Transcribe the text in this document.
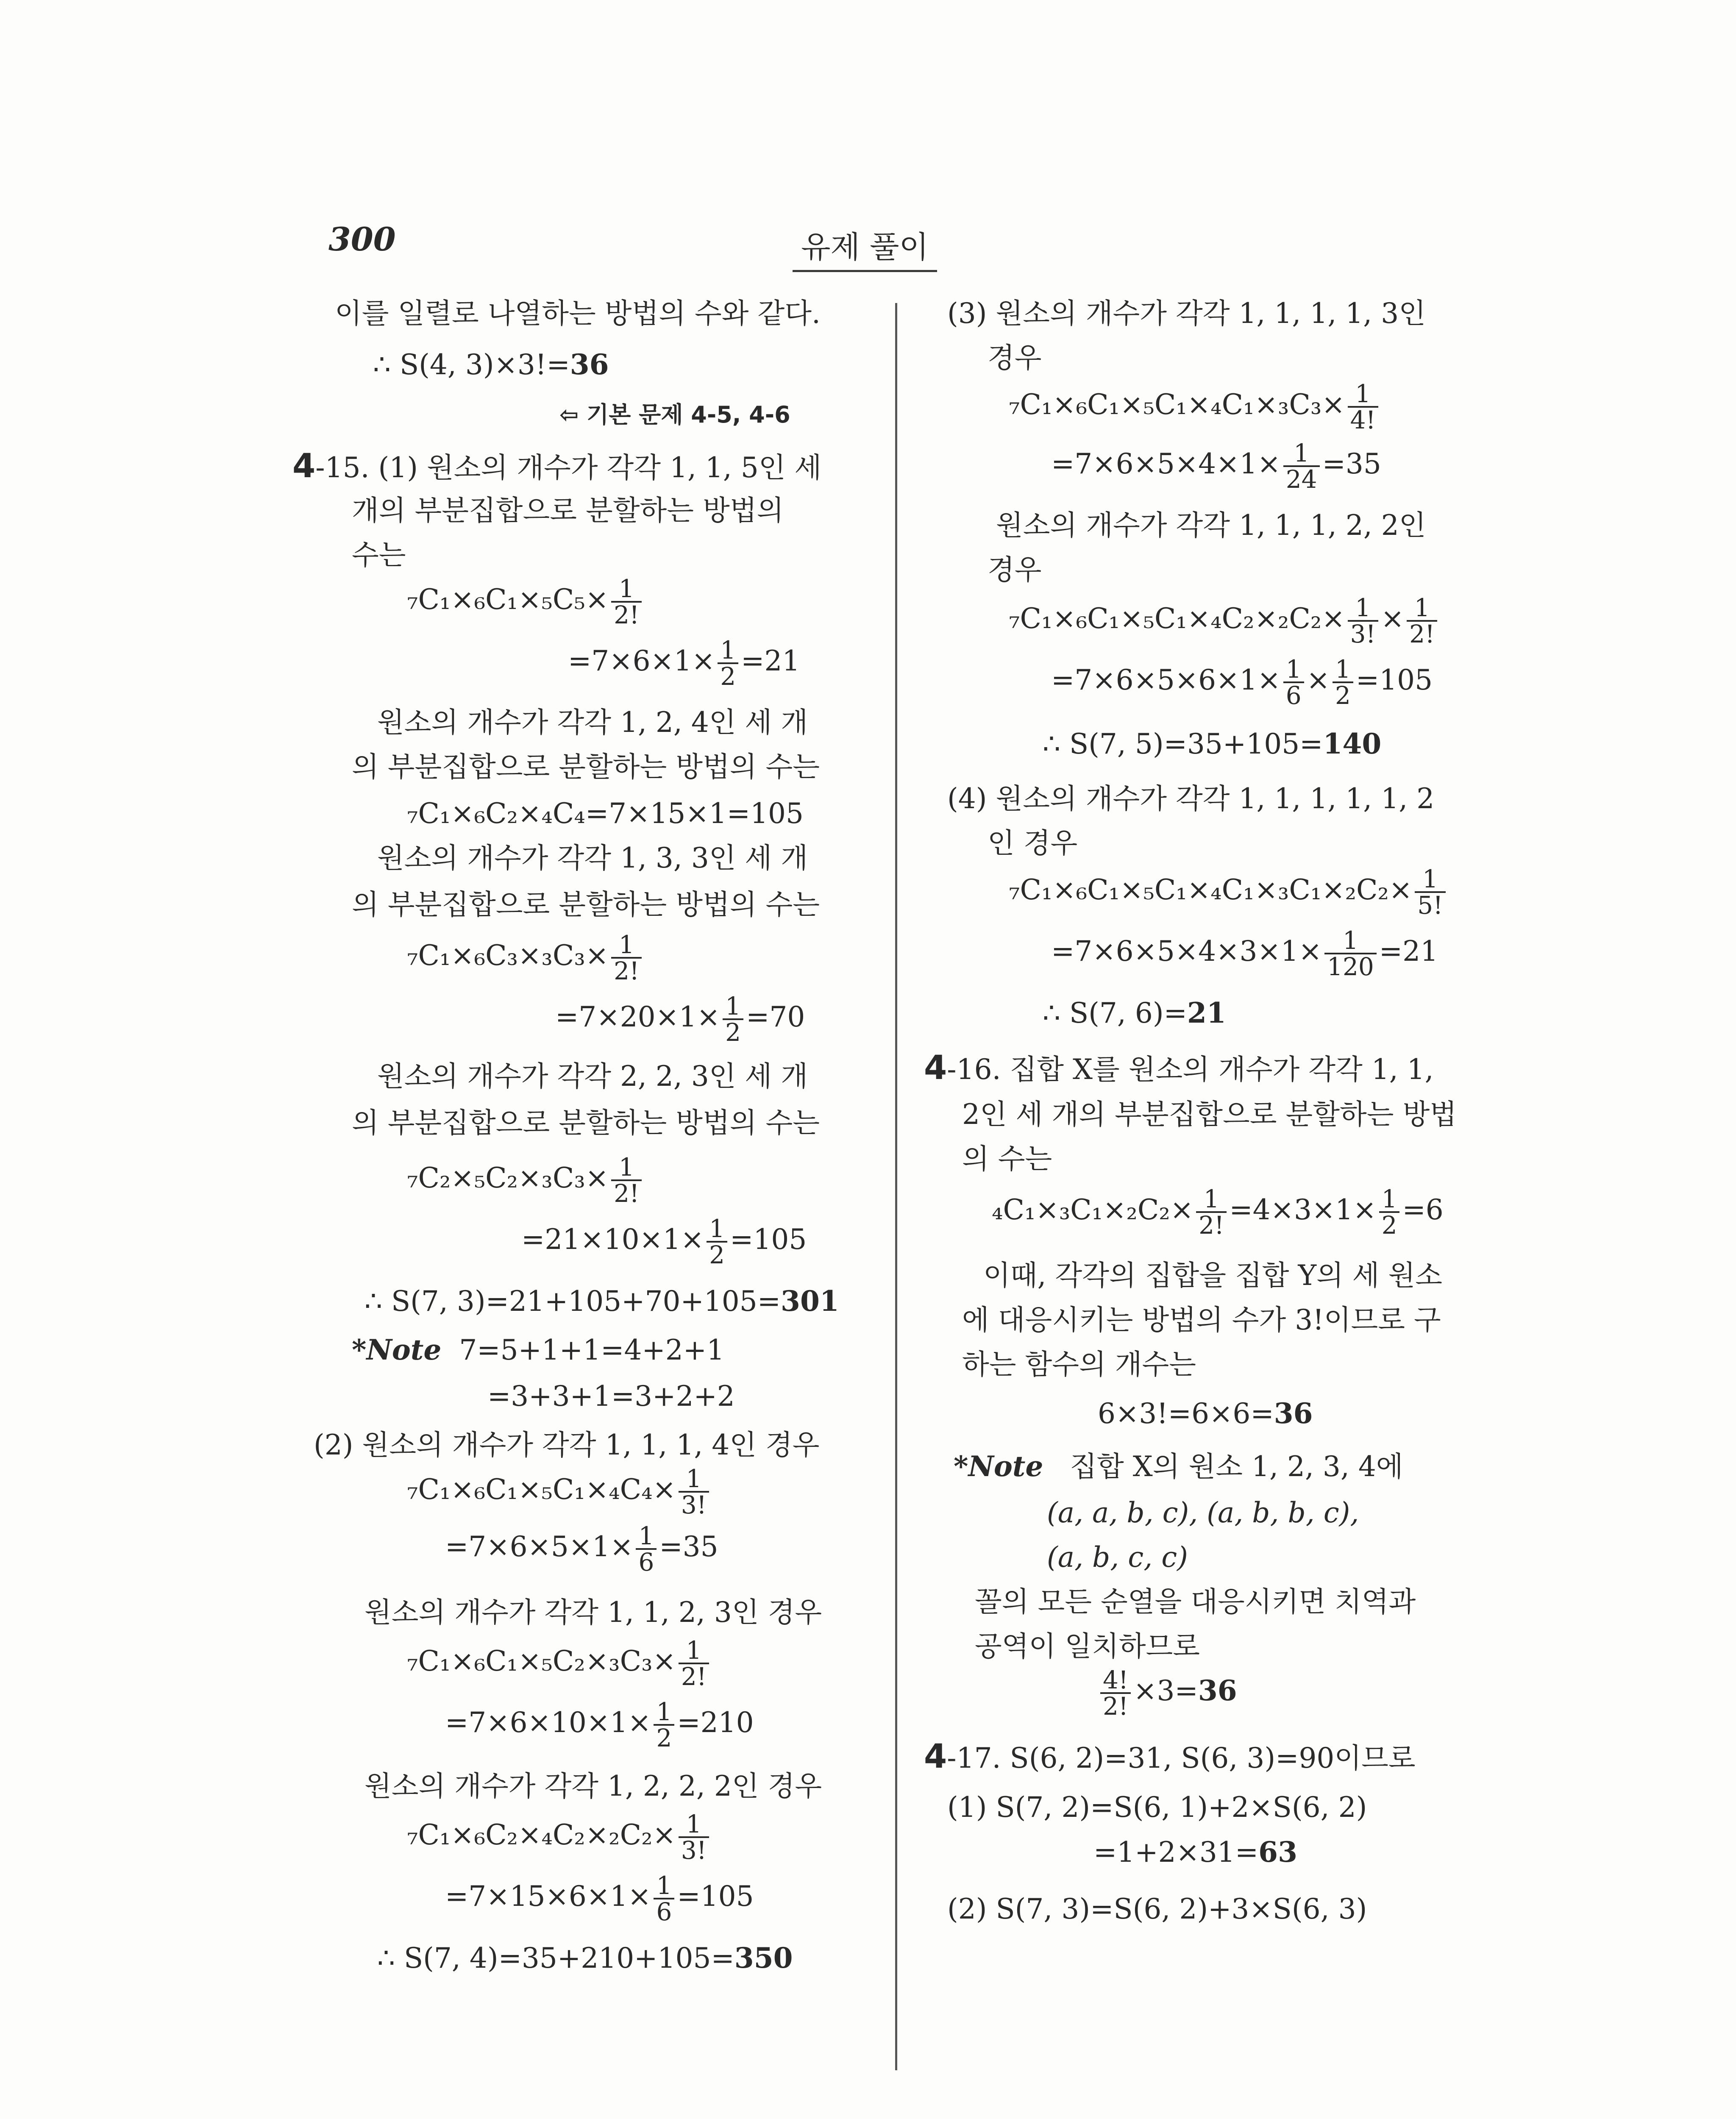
300	유제 풀이
이를 일렬로 나열하는 방법의 수와 같다.
∴ S(4, 3)×3!=36
⇦ 기본 문제 4-5, 4-6
4-15. (1) 원소의 개수가 각각 1, 1, 5인 세
개의 부분집합으로 분할하는 방법의
수는
$_7C_1\times_6C_1\times_5C_5\times \frac{1}{2!}$
$=7\times 6\times 1\times \frac{1}{2} =21$
원소의 개수가 각각 1, 2, 4인 세 개
의 부분집합으로 분할하는 방법의 수는
₇C₁×₆C₂×₄C₄=7×15×1=105
원소의 개수가 각각 1, 3, 3인 세 개
의 부분집합으로 분할하는 방법의 수는
$_7C_1\times_6C_3\times_3C_3\times \frac{1}{2!}$
$=7\times 20\times 1\times \frac{1}{2} =70$
원소의 개수가 각각 2, 2, 3인 세 개
의 부분집합으로 분할하는 방법의 수는
$_7C_2\times_5C_2\times_3C_3\times \frac{1}{2!}$
$=21\times 10\times 1\times \frac{1}{2} =105$
∴ S(7, 3)=21+105+70+105=301
*Note 7=5+1+1=4+2+1
=3+3+1=3+2+2
(2) 원소의 개수가 각각 1, 1, 1, 4인 경우
$_7C_1\times_6C_1\times_5C_1\times_4C_4\times \frac{1}{3!}$
$=7\times 6\times 5\times 1\times \frac{1}{6} =35$
원소의 개수가 각각 1, 1, 2, 3인 경우
$_7C_1\times_6C_1\times_5C_2\times_3C_3\times \frac{1}{2!}$
$=7\times 6\times 10\times 1\times \frac{1}{2} =210$
원소의 개수가 각각 1, 2, 2, 2인 경우
$_7C_1\times_6C_2\times_4C_2\times_2C_2\times \frac{1}{3!}$
$=7\times 15\times 6\times 1\times \frac{1}{6} =105$
∴ S(7, 4)=35+210+105=350
(3) 원소의 개수가 각각 1, 1, 1, 1, 3인
경우
$_7C_1\times_6C_1\times_5C_1\times_4C_1\times_3C_3\times \frac{1}{4!}$
$=7\times 6\times 5\times 4\times 1\times \frac{1}{24} =35$
원소의 개수가 각각 1, 1, 1, 2, 2인
경우
$_7C_1\times_6C_1\times_5C_1\times_4C_2\times_2C_2\times \frac{1}{3!} \times \frac{1}{2!}$
$=7\times 6\times 5\times 6\times 1\times \frac{1}{6} \times \frac{1}{2} =105$
∴ S(7, 5)=35+105=140
(4) 원소의 개수가 각각 1, 1, 1, 1, 1, 2
인 경우
$_7C_1\times_6C_1\times_5C_1\times_4C_1\times_3C_1\times_2C_2\times \frac{1}{5!}$
$=7\times 6\times 5\times 4\times 3\times 1\times \frac{1}{120} =21$
∴ S(7, 6)=21
4-16. 집합 X를 원소의 개수가 각각 1, 1,
2인 세 개의 부분집합으로 분할하는 방법
의 수는
$_4C_1\times_3C_1\times_2C_2\times \frac{1}{2!} =4\times 3\times 1\times \frac{1}{2} =6$
이때, 각각의 집합을 집합 Y의 세 원소
에 대응시키는 방법의 수가 3!이므로 구
하는 함수의 개수는
6×3!=6×6=36
*Note 집합 X의 원소 1, 2, 3, 4에
(a, a, b, c), (a, b, b, c),
(a, b, c, c)
꼴의 모든 순열을 대응시키면 치역과
공역이 일치하므로
$\frac{4!}{2!} \times 3=36$
4-17. S(6, 2)=31, S(6, 3)=90이므로
(1) S(7, 2)=S(6, 1)+2×S(6, 2)
=1+2×31=63
(2) S(7, 3)=S(6, 2)+3×S(6, 3)
